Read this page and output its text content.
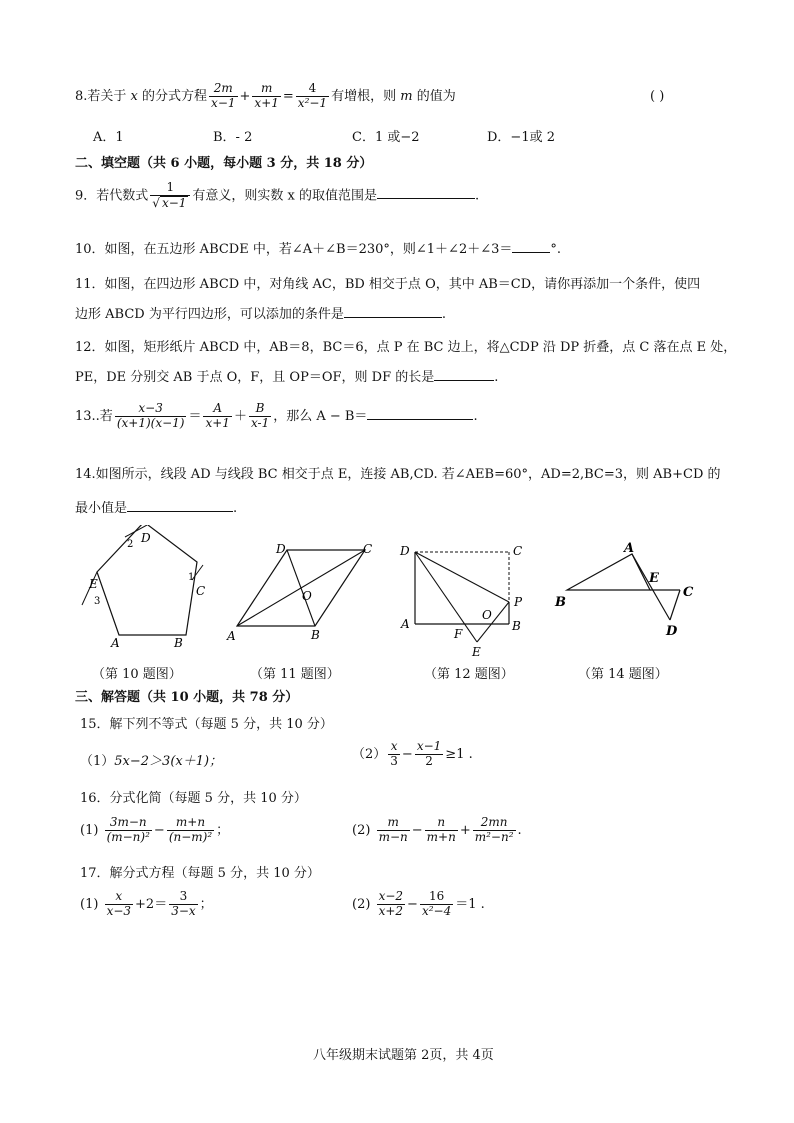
8.若关于 x 的分式方程 $\frac{2m}{x-1} + \frac{m}{x+1} = \frac{4}{\text{x²−1}}$ 有增根，则 m 的值为	( )
A．1	B．- 2	C．1 或−2	D．−1或 2
二、填空题（共 6 小题，每小题 3 分，共 18 分）
9．若代数式 $\frac{1}{√ x-1}$ 有意义，则实数 x 的取值范围是	.
10．如图，在五边形 ABCDE 中，若∠A＋∠B＝230°，则∠1＋∠2＋∠3＝	°.
11．如图，在四边形 ABCD 中，对角线 AC，BD 相交于点 O，其中 AB＝CD，请你再添加一个条件，使四
边形 ABCD 为平行四边形，可以添加的条件是	.
12．如图，矩形纸片 ABCD 中，AB＝8，BC＝6，点 P 在 BC 边上，将△CDP 沿 DP 折叠，点 C 落在点 E 处，
PE，DE 分别交 AB 于点 O，F，且 OP＝OF，则 DF 的长是	.
13..若 $\frac{x-3}{(x+1)(x-1)} = \frac{A}{x+1} + \frac{B}{x-1}$ ，那么 A − B＝	.
14.如图所示，线段 AD 与线段 BC 相交于点 E，连接 AB,CD. 若∠AEB=60°，AD=2,BC=3，则 AB+CD 的
最小值是	.
D
2
1
C
E
3
A	B	A	B
C
D
O
D	C
A	B
P
O
F
E
A
B
E
C
D
（第 10 题图）	（第 11 题图）	（第 12 题图）	（第 14 题图）
三、解答题（共 10 小题，共 78 分）
15．解下列不等式（每题 5 分，共 10 分）
（1）5x−2＞3(x＋1)；	$(2) \frac{x}{3} - \frac{x-1}{2} \ge 1$ .
16．分式化简（每题 5 分，共 10 分）
$(1) \frac{3m-n}{\text{(m−n)²}} - \frac{m+n}{\text{(n−m)²}}$ ；	$(2) \frac{m}{m-n} - \frac{n}{m+n} + \frac{2mn}{\text{m²−n²}}$ .
17．解分式方程（每题 5 分，共 10 分）
$(1) \frac{x}{x-3} +2= \frac{3}{3-x}$ ；	$(2) \frac{x-2}{x+2} - \frac{16}{\text{x²−4}} =1$ .
八年级期末试题第 2页，共 4页
